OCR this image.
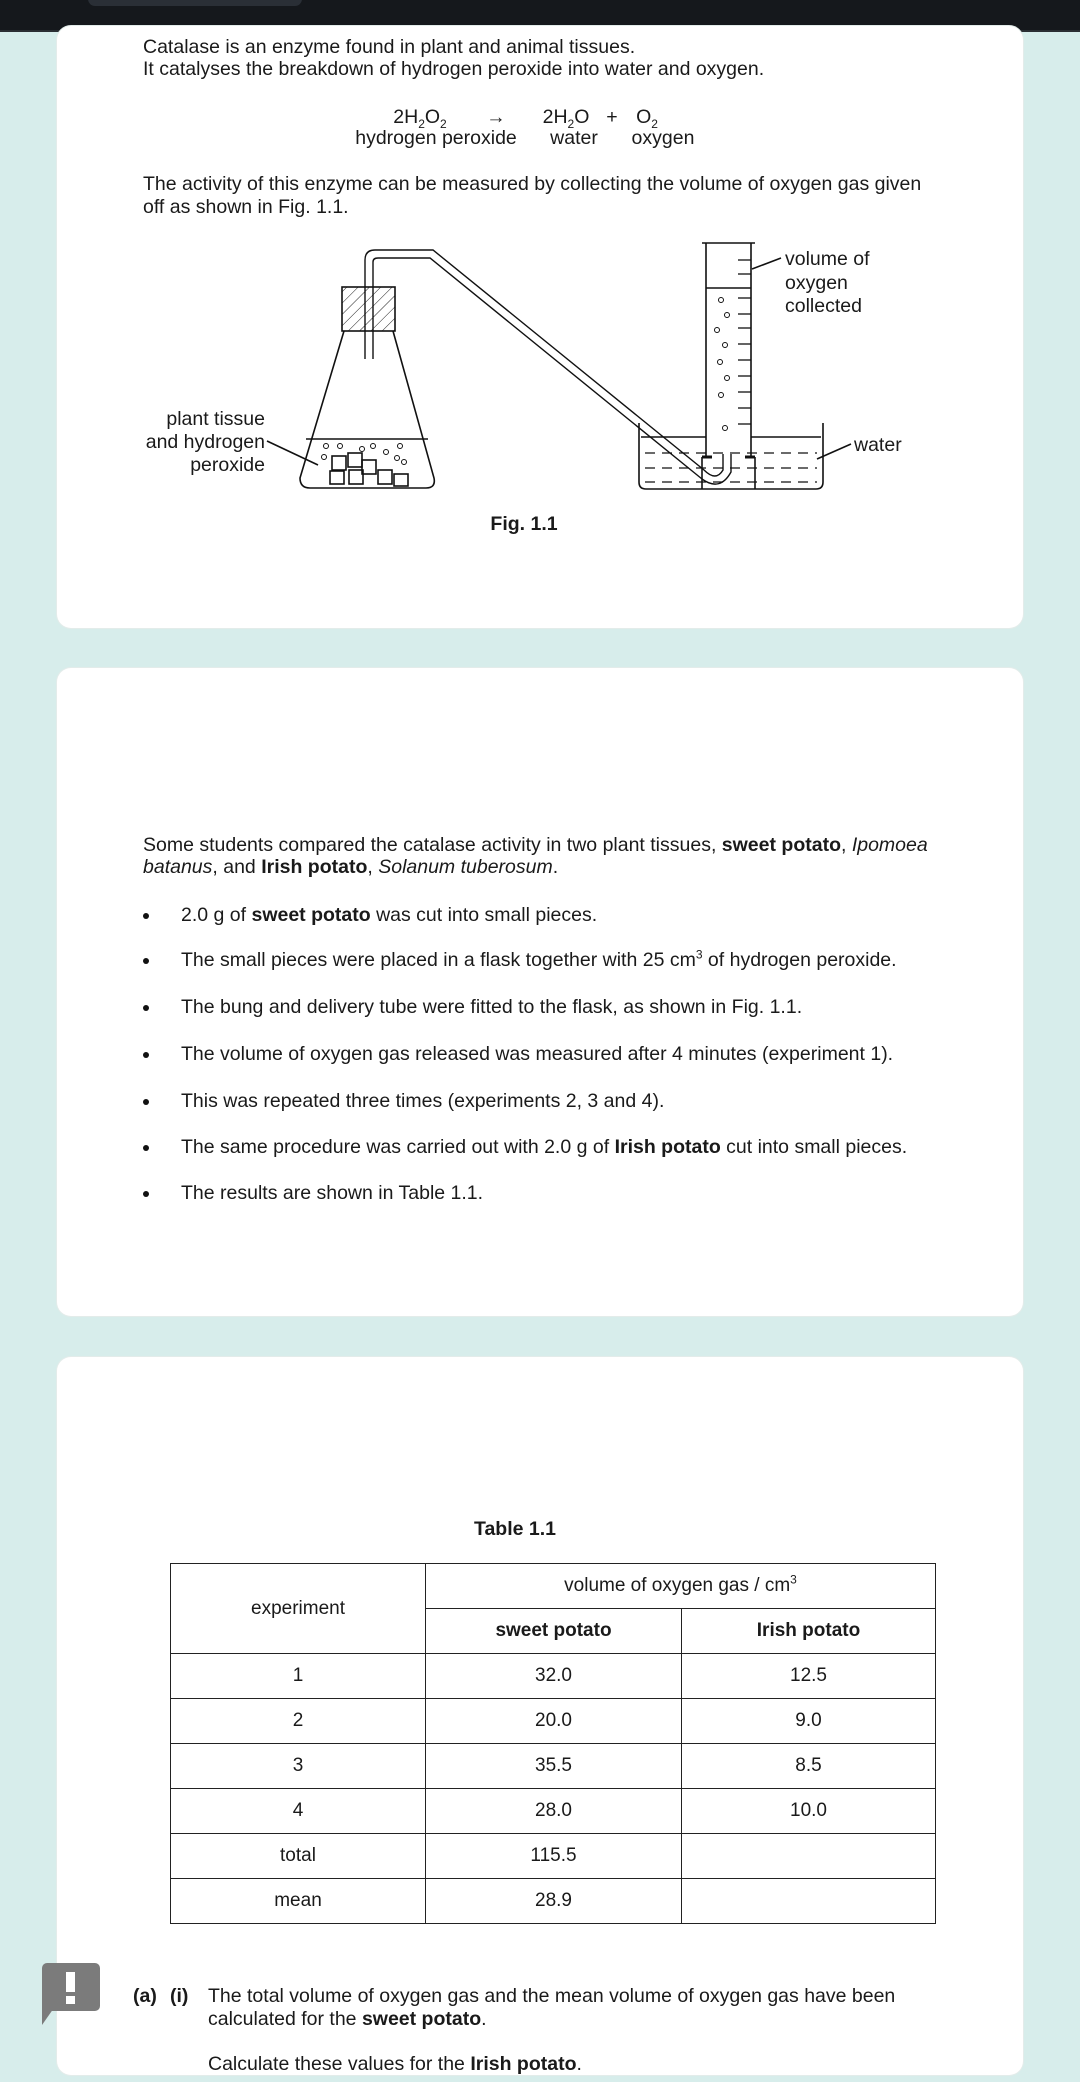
Catalase is an enzyme found in plant and animal tissues.
It catalyses the breakdown of hydrogen peroxide into water and oxygen.
$2H_2O_2 \to 2H_2O + O_2$
hydrogen peroxide water oxygen
The activity of this enzyme can be measured by collecting the volume of oxygen gas given
off as shown in Fig. 1.1.
volume of
oxygen
collected
water
plant tissue
and hydrogen
peroxide
Fig. 1.1
Some students compared the catalase activity in two plant tissues, sweet potato, Ipomoea
batanus, and Irish potato, Solanum tuberosum.
2.0 g of sweet potato was cut into small pieces.
The small pieces were placed in a flask together with 25 $cm^3$ of hydrogen peroxide.
The bung and delivery tube were fitted to the flask, as shown in Fig. 1.1.
The volume of oxygen gas released was measured after 4 minutes (experiment 1).
This was repeated three times (experiments 2, 3 and 4).
The same procedure was carried out with 2.0 g of Irish potato cut into small pieces.
The results are shown in Table 1.1.
Table 1.1
experiment	volume of oxygen gas / $cm^3$
	sweet potato	Irish potato
1	32.0	12.5
2	20.0	9.0
3	35.5	8.5
4	28.0	10.0
total	115.5	
mean	28.9	
(a) (i) The total volume of oxygen gas and the mean volume of oxygen gas have been
calculated for the sweet potato.
Calculate these values for the Irish potato.
